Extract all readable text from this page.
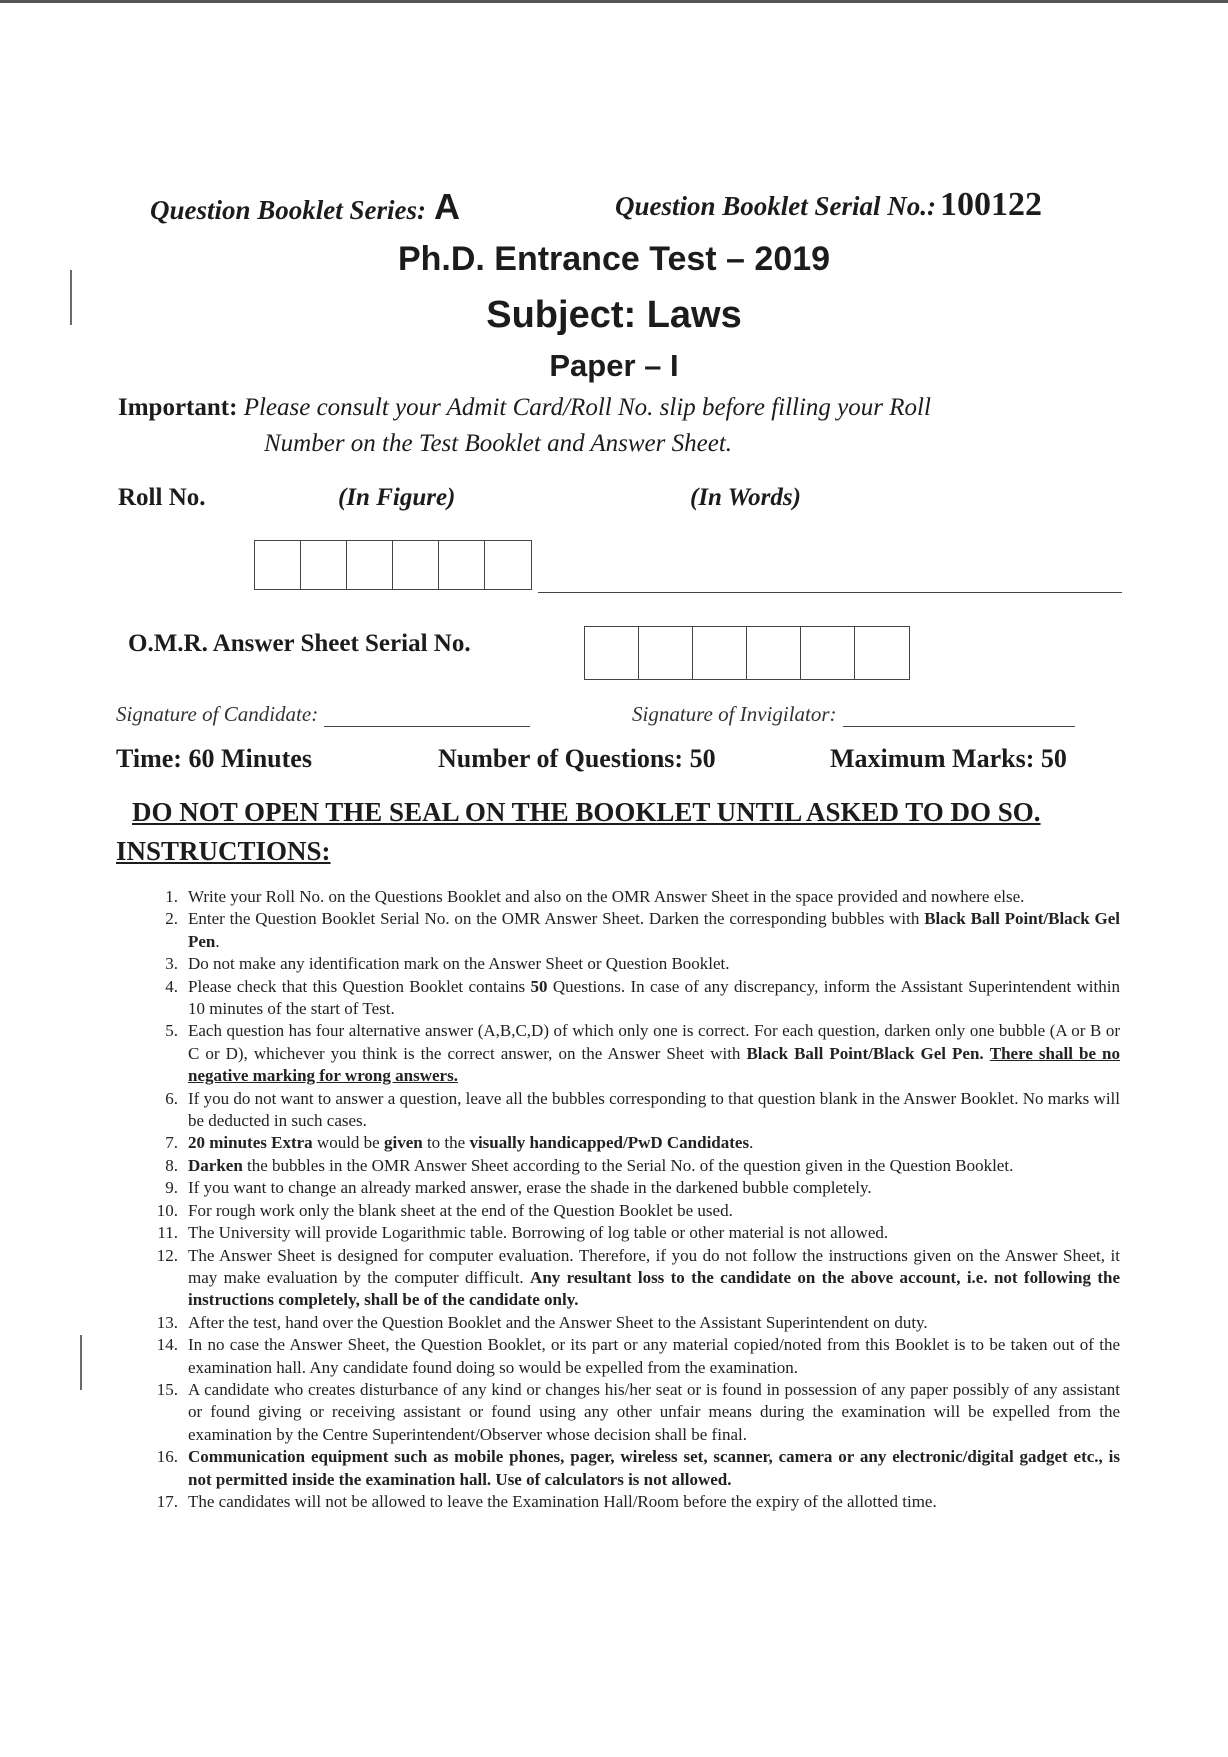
Question Booklet Series: A	Question Booklet Serial No.: 100122
Ph.D. Entrance Test – 2019
Subject: Laws
Paper – I
Important: Please consult your Admit Card/Roll No. slip before filling your Roll
Number on the Test Booklet and Answer Sheet.
Roll No.	(In Figure)	(In Words)
O.M.R. Answer Sheet Serial No.
Signature of Candidate:	Signature of Invigilator:
Time: 60 Minutes	Number of Questions: 50	Maximum Marks: 50
DO NOT OPEN THE SEAL ON THE BOOKLET UNTIL ASKED TO DO SO.
INSTRUCTIONS:
1. Write your Roll No. on the Questions Booklet and also on the OMR Answer Sheet in the space provided and nowhere else.
2. Enter the Question Booklet Serial No. on the OMR Answer Sheet. Darken the corresponding bubbles with Black Ball Point/Black Gel Pen.
3. Do not make any identification mark on the Answer Sheet or Question Booklet.
4. Please check that this Question Booklet contains 50 Questions. In case of any discrepancy, inform the Assistant Superintendent within 10 minutes of the start of Test.
5. Each question has four alternative answer (A,B,C,D) of which only one is correct. For each question, darken only one bubble (A or B or C or D), whichever you think is the correct answer, on the Answer Sheet with Black Ball Point/Black Gel Pen. There shall be no negative marking for wrong answers.
6. If you do not want to answer a question, leave all the bubbles corresponding to that question blank in the Answer Booklet. No marks will be deducted in such cases.
7. 20 minutes Extra would be given to the visually handicapped/PwD Candidates.
8. Darken the bubbles in the OMR Answer Sheet according to the Serial No. of the question given in the Question Booklet.
9. If you want to change an already marked answer, erase the shade in the darkened bubble completely.
10. For rough work only the blank sheet at the end of the Question Booklet be used.
11. The University will provide Logarithmic table. Borrowing of log table or other material is not allowed.
12. The Answer Sheet is designed for computer evaluation. Therefore, if you do not follow the instructions given on the Answer Sheet, it may make evaluation by the computer difficult. Any resultant loss to the candidate on the above account, i.e. not following the instructions completely, shall be of the candidate only.
13. After the test, hand over the Question Booklet and the Answer Sheet to the Assistant Superintendent on duty.
14. In no case the Answer Sheet, the Question Booklet, or its part or any material copied/noted from this Booklet is to be taken out of the examination hall. Any candidate found doing so would be expelled from the examination.
15. A candidate who creates disturbance of any kind or changes his/her seat or is found in possession of any paper possibly of any assistant or found giving or receiving assistant or found using any other unfair means during the examination will be expelled from the examination by the Centre Superintendent/Observer whose decision shall be final.
16. Communication equipment such as mobile phones, pager, wireless set, scanner, camera or any electronic/digital gadget etc., is not permitted inside the examination hall. Use of calculators is not allowed.
17. The candidates will not be allowed to leave the Examination Hall/Room before the expiry of the allotted time.
